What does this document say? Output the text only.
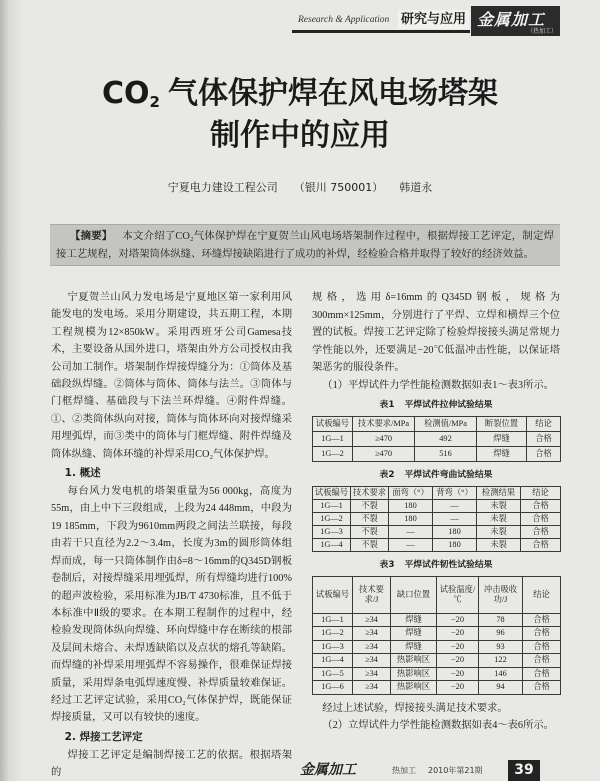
Research & Application 研究与应用 金属加工
（热加工）
$CO_2$ 气体保护焊在风电场塔架
制作中的应用
宁夏电力建设工程公司 （银川 750001） 韩道永

【摘要】 本文介绍了CO₂气体保护焊在宁夏贺兰山风电场塔架制作过程中，根据焊接工艺评定，制定焊接工艺规程，对塔架筒体纵缝、环缝焊接缺陷进行了成功的补焊，经检验合格并取得了较好的经济效益。

宁夏贺兰山风力发电场是宁夏地区第一家利用风能发电的发电场。采用分期建设，共五期工程，本期工程规模为12×850kW。采用西班牙公司Gamesa技术，主要设备从国外进口，塔架由外方公司授权由我公司加工制作。塔架制作焊接焊缝分为：①筒体及基础段纵焊缝。②筒体与筒体、筒体与法兰。③筒体与门框焊缝、基础段与下法兰环焊缝。④附件焊缝。①、②类筒体纵向对接，筒体与筒体环向对接焊缝采用埋弧焊，而③类中的筒体与门框焊缝、附件焊缝及筒体纵缝、筒体环缝的补焊采用CO₂气体保护焊。

1. 概述

每台风力发电机的塔架重量为56 000kg，高度为55m，由上中下三段组成，上段为24 448mm，中段为19 185mm，下段为9610mm两段之间法兰联接，每段由若干只直径为2.2～3.4m，长度为3m的圆形筒体组焊而成，每一只筒体制作由δ=8～16mm的Q345D钢板卷制后，对接焊缝采用埋弧焊，所有焊缝均进行100%的超声波检验，采用标准为JB/T 4730标准，且不低于本标准中Ⅱ级的要求。在本期工程制作的过程中，经检验发现筒体纵向焊缝、环向焊缝中存在断续的根部及层间未熔合、未焊透缺陷以及点状的熔孔等缺陷。而焊缝的补焊采用埋弧焊不容易操作，很难保证焊接质量，采用焊条电弧焊速度慢、补焊质量较难保证。经过工艺评定试验，采用CO₂气体保护焊，既能保证焊接质量，又可以有较快的速度。

2. 焊接工艺评定

焊接工艺评定是编制焊接工艺的依据。根据塔架的

规格，选用δ=16mm的Q345D钢板，规格为300mm×125mm，分别进行了平焊、立焊和横焊三个位置的试板。焊接工艺评定除了检验焊接接头满足常规力学性能以外，还要满足−20℃低温冲击性能，以保证塔架恶劣的服役条件。

（1）平焊试件力学性能检测数据如表1～表3所示。

表1 平焊试件拉伸试验结果
试板编号	技术要求/MPa	检测值/MPa	断裂位置	结论
1G—1	≥470	492	焊缝	合格
1G—2	≥470	516	焊缝	合格
表2 平焊试件弯曲试验结果
试板编号	技术要求	面弯（°）	背弯（°）	检测结果	结论
1G—1	不裂	180	—	未裂	合格
1G—2	不裂	180	—	未裂	合格
1G—3	不裂	—	180	未裂	合格
1G—4	不裂	—	180	未裂	合格
表3 平焊试件韧性试验结果
试板编号	技术要求/J	缺口位置	试验温度/℃	冲击吸收功/J	结论
1G—1	≥34	焊缝	−20	78	合格
1G—2	≥34	焊缝	−20	96	合格
1G—3	≥34	焊缝	−20	93	合格
1G—4	≥34	热影响区	−20	122	合格
1G—5	≥34	热影响区	−20	146	合格
1G—6	≥34	热影响区	−20	94	合格

经过上述试验，焊接接头满足技术要求。

（2）立焊试件力学性能检测数据如表4～表6所示。

金属加工	热加工 2010年第21期	39
